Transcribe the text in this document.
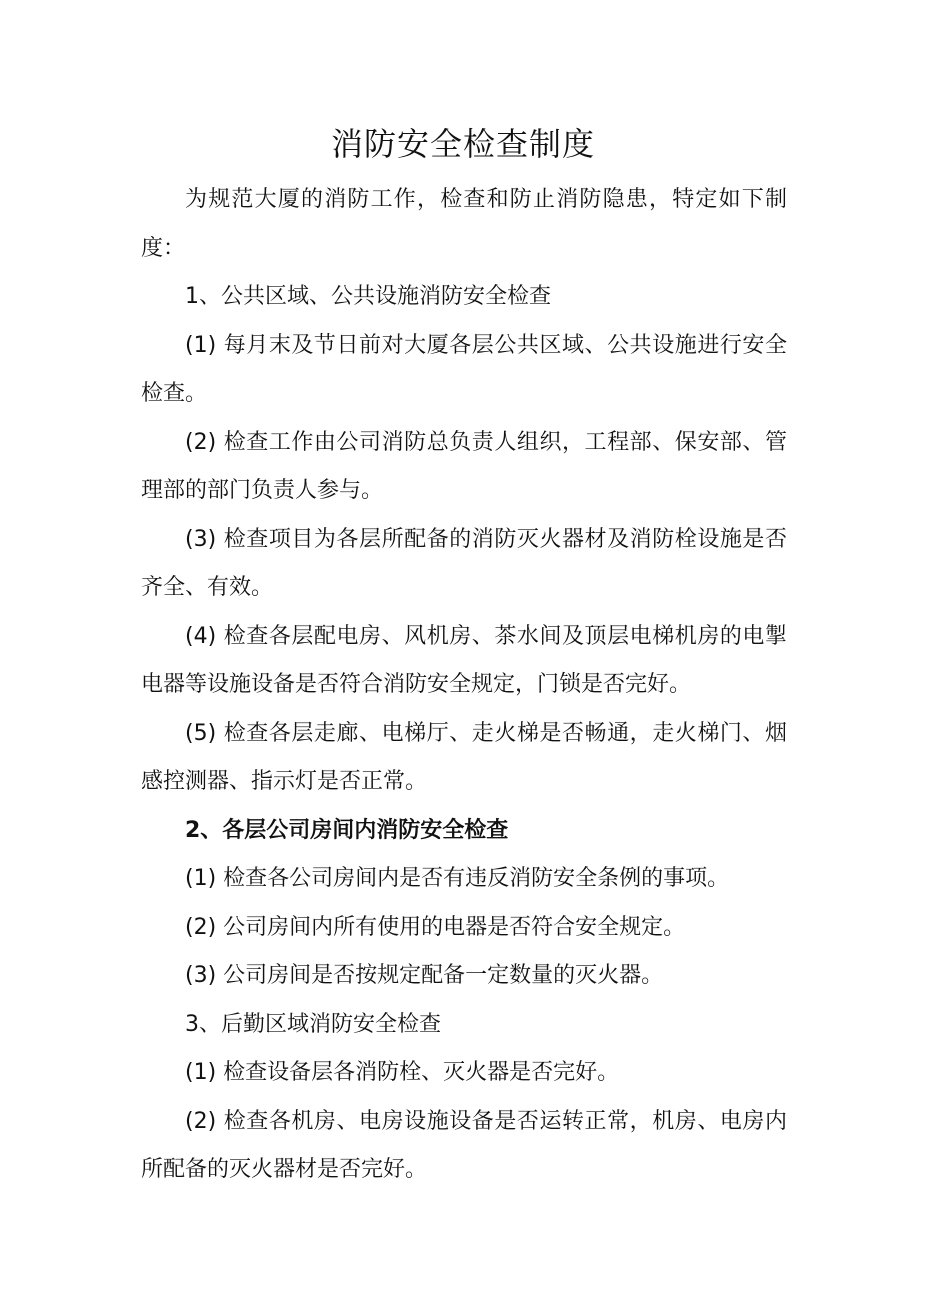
消防安全检查制度

为规范大厦的消防工作，检查和防止消防隐患，特定如下制度：

1、公共区域、公共设施消防安全检查

(1) 每月末及节日前对大厦各层公共区域、公共设施进行安全检查。

(2) 检查工作由公司消防总负责人组织，工程部、保安部、管理部的部门负责人参与。

(3) 检查项目为各层所配备的消防灭火器材及消防栓设施是否齐全、有效。

(4) 检查各层配电房、风机房、茶水间及顶层电梯机房的电掣电器等设施设备是否符合消防安全规定，门锁是否完好。

(5) 检查各层走廊、电梯厅、走火梯是否畅通，走火梯门、烟感控测器、指示灯是否正常。

2、各层公司房间内消防安全检查

(1) 检查各公司房间内是否有违反消防安全条例的事项。

(2) 公司房间内所有使用的电器是否符合安全规定。

(3) 公司房间是否按规定配备一定数量的灭火器。

3、后勤区域消防安全检查

(1) 检查设备层各消防栓、灭火器是否完好。

(2) 检查各机房、电房设施设备是否运转正常，机房、电房内所配备的灭火器材是否完好。
